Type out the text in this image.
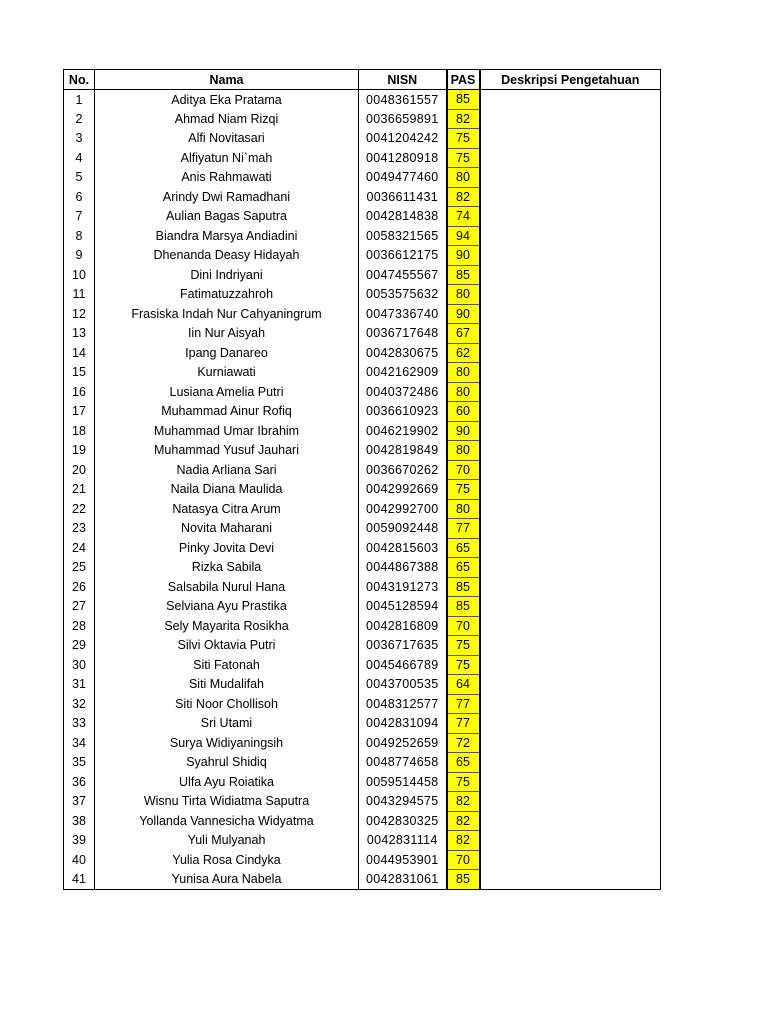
No.	Nama	NISN	PAS	Deskripsi Pengetahuan
1	Aditya Eka Pratama	0048361557	85	
2	Ahmad Niam Rizqi	0036659891	82	
3	Alfi Novitasari	0041204242	75	
4	Alfiyatun Ni`mah	0041280918	75	
5	Anis Rahmawati	0049477460	80	
6	Arindy Dwi Ramadhani	0036611431	82	
7	Aulian Bagas Saputra	0042814838	74	
8	Biandra Marsya Andiadini	0058321565	94	
9	Dhenanda Deasy Hidayah	0036612175	90	
10	Dini Indriyani	0047455567	85	
11	Fatimatuzzahroh	0053575632	80	
12	Frasiska Indah Nur Cahyaningrum	0047336740	90	
13	Iin Nur Aisyah	0036717648	67	
14	Ipang Danareo	0042830675	62	
15	Kurniawati	0042162909	80	
16	Lusiana Amelia Putri	0040372486	80	
17	Muhammad Ainur Rofiq	0036610923	60	
18	Muhammad Umar Ibrahim	0046219902	90	
19	Muhammad Yusuf Jauhari	0042819849	80	
20	Nadia Arliana Sari	0036670262	70	
21	Naila Diana Maulida	0042992669	75	
22	Natasya Citra Arum	0042992700	80	
23	Novita Maharani	0059092448	77	
24	Pinky Jovita Devi	0042815603	65	
25	Rizka Sabila	0044867388	65	
26	Salsabila Nurul Hana	0043191273	85	
27	Selviana Ayu Prastika	0045128594	85	
28	Sely Mayarita Rosikha	0042816809	70	
29	Silvi Oktavia Putri	0036717635	75	
30	Siti Fatonah	0045466789	75	
31	Siti Mudalifah	0043700535	64	
32	Siti Noor Chollisoh	0048312577	77	
33	Sri Utami	0042831094	77	
34	Surya Widiyaningsih	0049252659	72	
35	Syahrul Shidiq	0048774658	65	
36	Ulfa Ayu Roiatika	0059514458	75	
37	Wisnu Tirta Widiatma Saputra	0043294575	82	
38	Yollanda Vannesicha Widyatma	0042830325	82	
39	Yuli Mulyanah	0042831114	82	
40	Yulia Rosa Cindyka	0044953901	70	
41	Yunisa Aura Nabela	0042831061	85	
